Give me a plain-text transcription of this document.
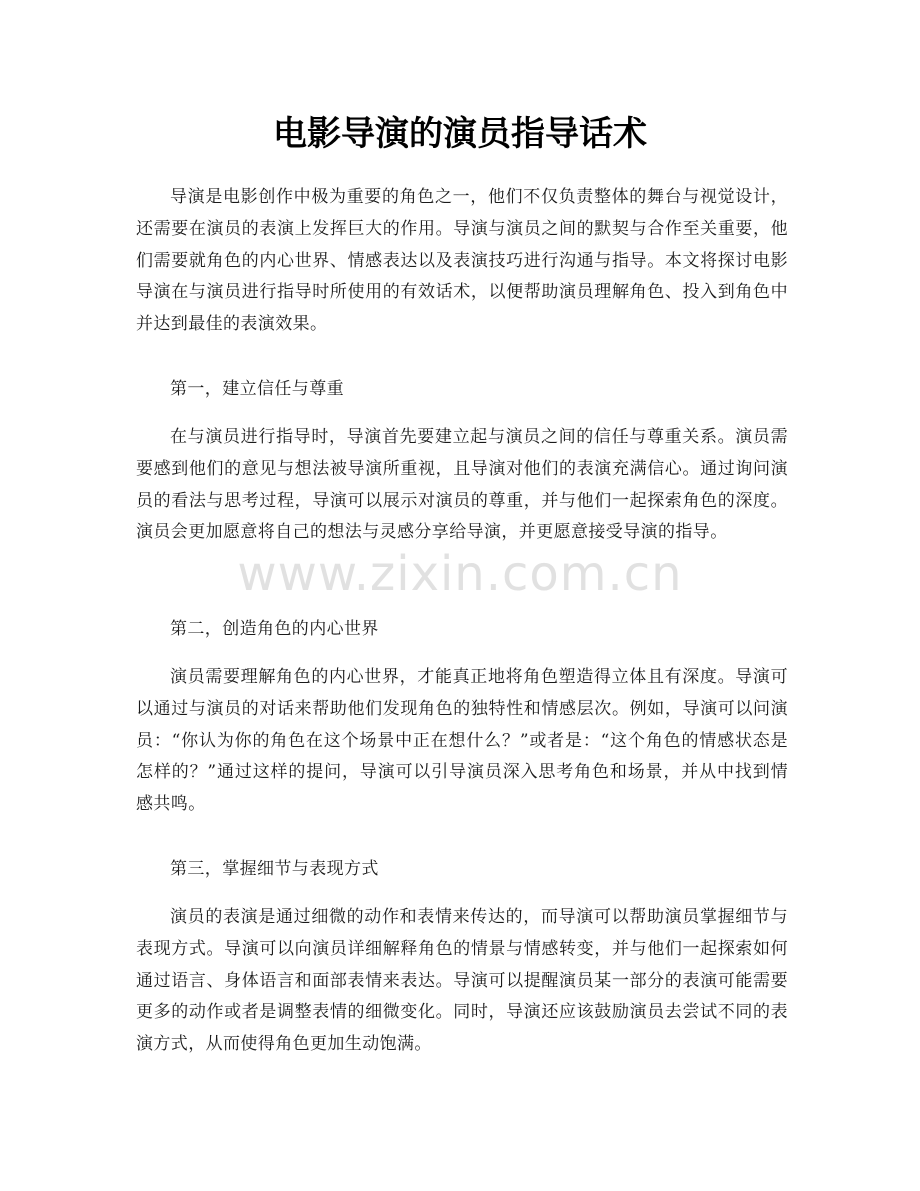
电影导演的演员指导话术

导演是电影创作中极为重要的角色之一，他们不仅负责整体的舞台与视觉设计，还需要在演员的表演上发挥巨大的作用。导演与演员之间的默契与合作至关重要，他们需要就角色的内心世界、情感表达以及表演技巧进行沟通与指导。本文将探讨电影导演在与演员进行指导时所使用的有效话术，以便帮助演员理解角色、投入到角色中并达到最佳的表演效果。

第一，建立信任与尊重

在与演员进行指导时，导演首先要建立起与演员之间的信任与尊重关系。演员需要感到他们的意见与想法被导演所重视，且导演对他们的表演充满信心。通过询问演员的看法与思考过程，导演可以展示对演员的尊重，并与他们一起探索角色的深度。演员会更加愿意将自己的想法与灵感分享给导演，并更愿意接受导演的指导。

第二，创造角色的内心世界

演员需要理解角色的内心世界，才能真正地将角色塑造得立体且有深度。导演可以通过与演员的对话来帮助他们发现角色的独特性和情感层次。例如，导演可以问演员：“你认为你的角色在这个场景中正在想什么？”或者是：“这个角色的情感状态是怎样的？”通过这样的提问，导演可以引导演员深入思考角色和场景，并从中找到情感共鸣。

第三，掌握细节与表现方式

演员的表演是通过细微的动作和表情来传达的，而导演可以帮助演员掌握细节与表现方式。导演可以向演员详细解释角色的情景与情感转变，并与他们一起探索如何通过语言、身体语言和面部表情来表达。导演可以提醒演员某一部分的表演可能需要更多的动作或者是调整表情的细微变化。同时，导演还应该鼓励演员去尝试不同的表演方式，从而使得角色更加生动饱满。

www.zixin.com.cn
